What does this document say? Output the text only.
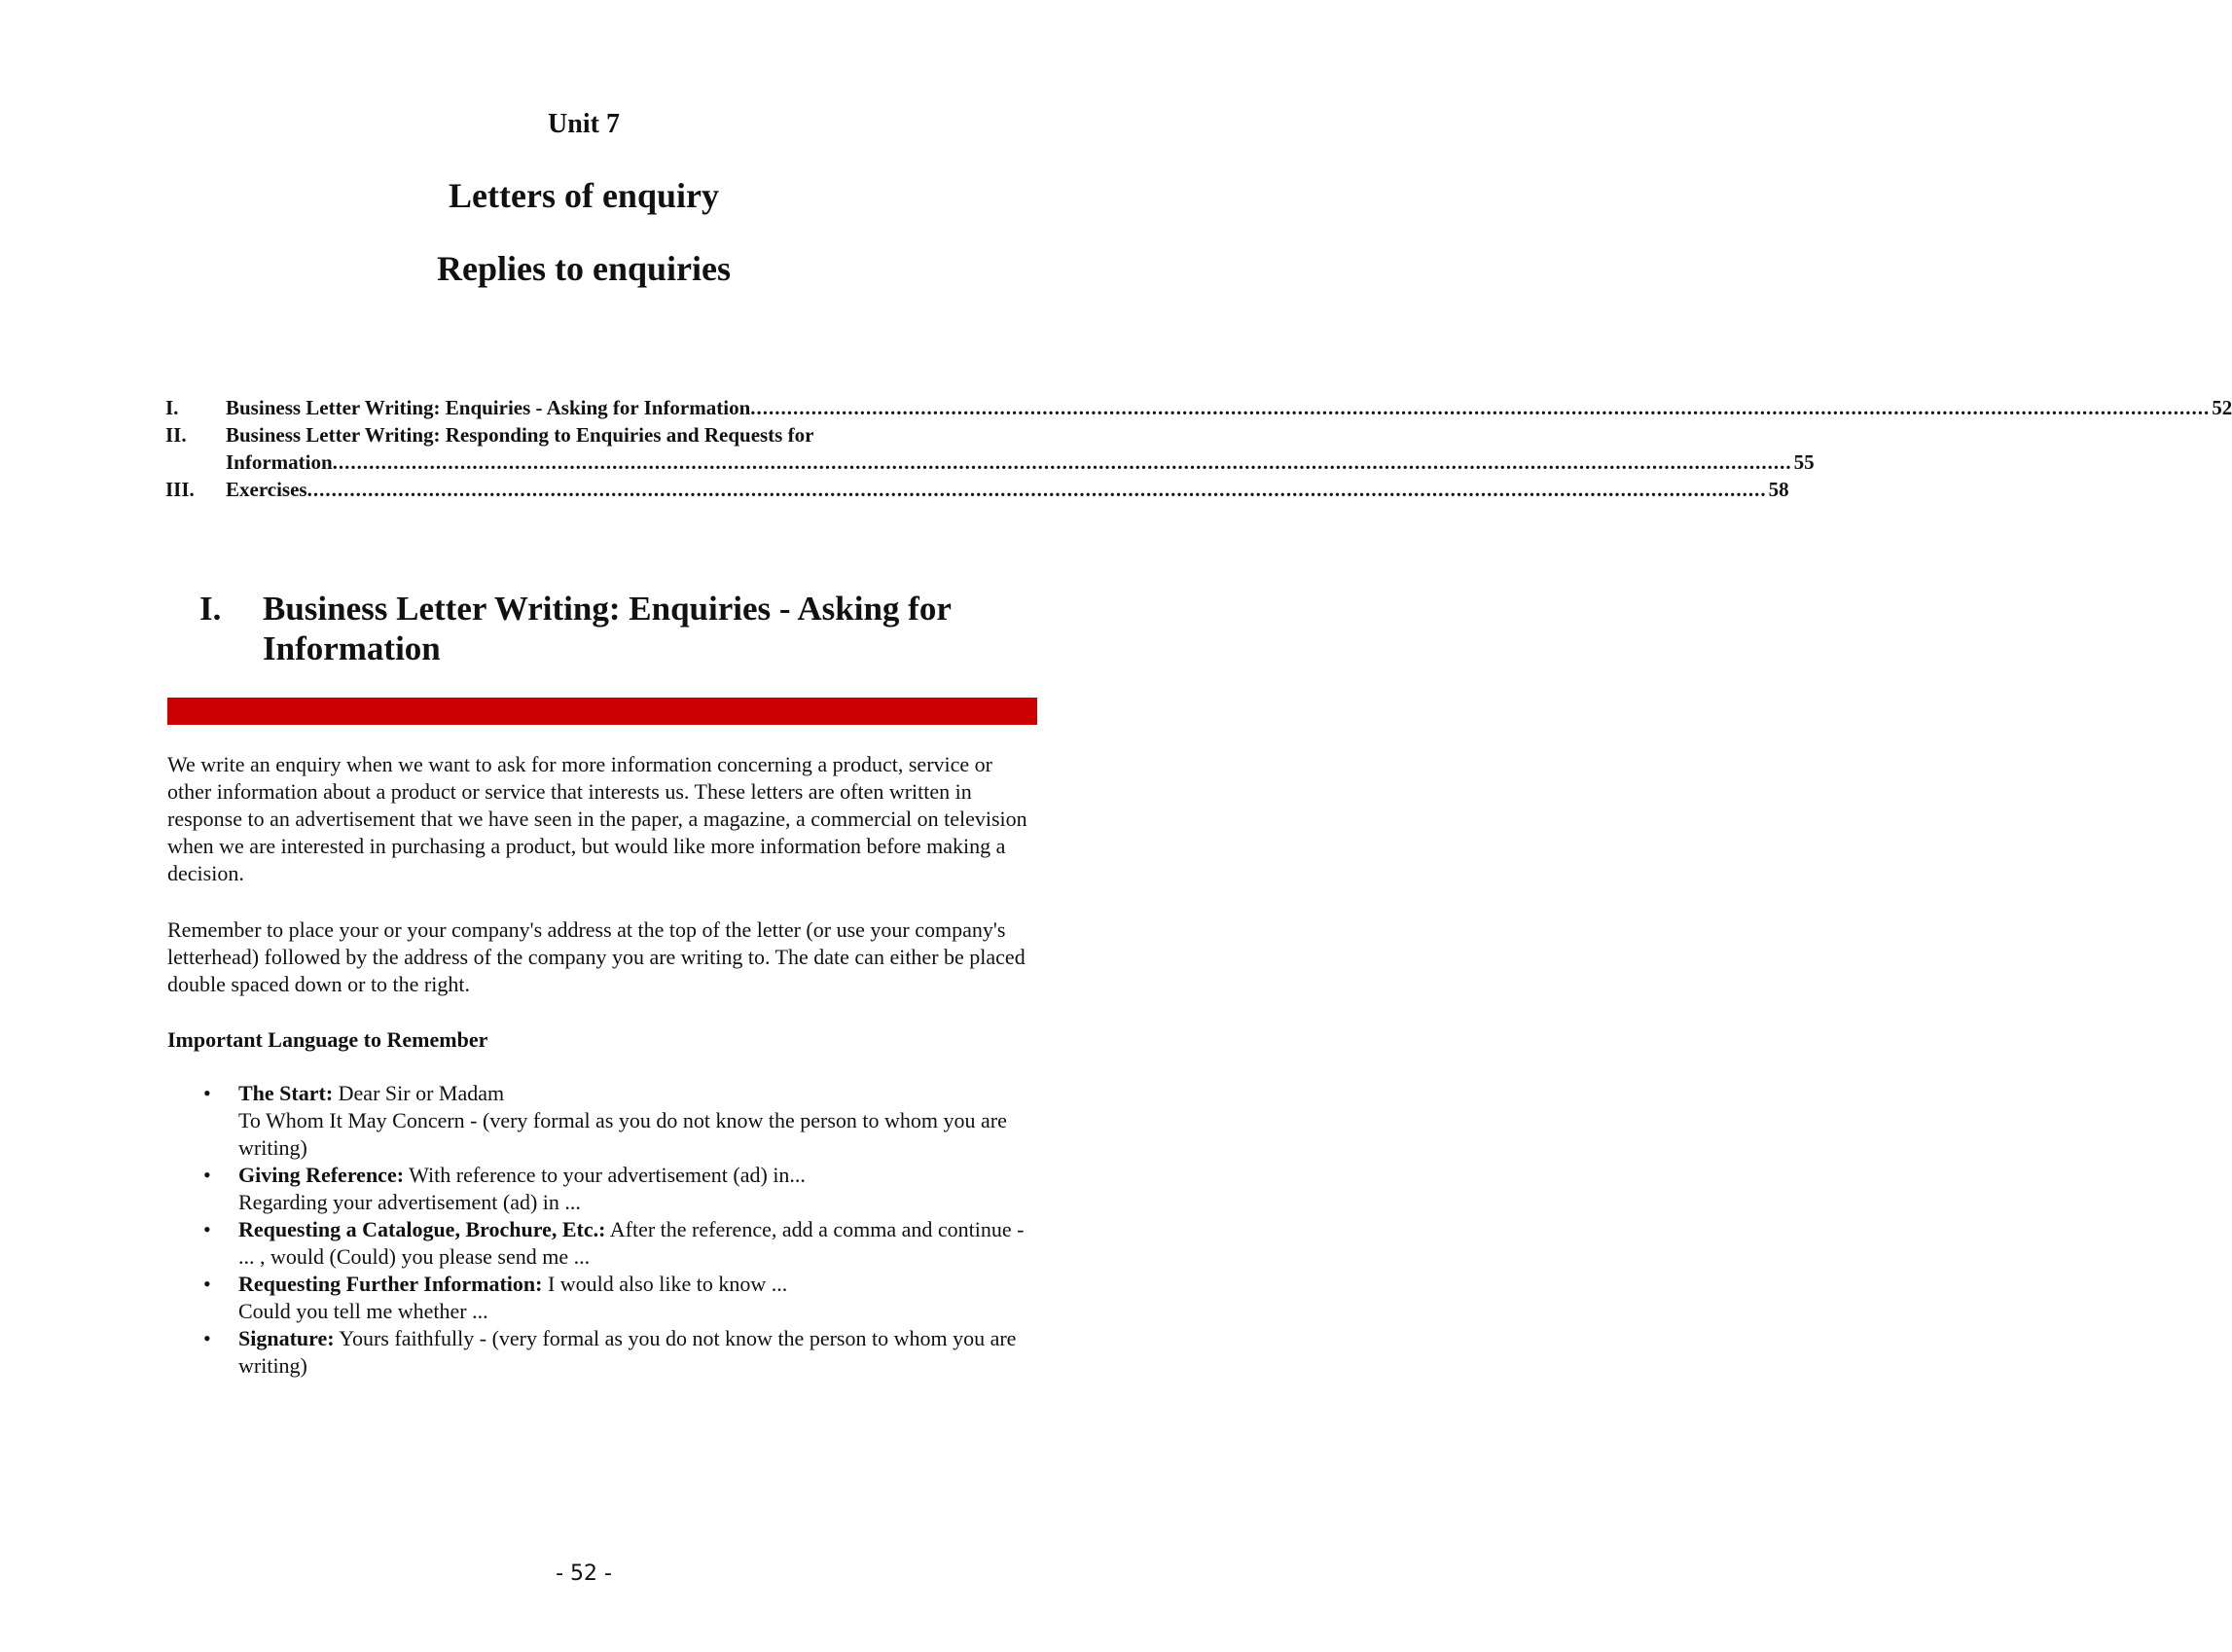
Unit 7
Letters of enquiry
Replies to enquiries
I.	Business Letter Writing: Enquiries - Asking for Information .....	52
II.	Business Letter Writing: Responding to Enquiries and Requests for
Information .....	55
III.	Exercises .....	58
I.	Business Letter Writing: Enquiries - Asking for Information

We write an enquiry when we want to ask for more information concerning a product, service or other information about a product or service that interests us. These letters are often written in response to an advertisement that we have seen in the paper, a magazine, a commercial on television when we are interested in purchasing a product, but would like more information before making a decision.

Remember to place your or your company's address at the top of the letter (or use your company's letterhead) followed by the address of the company you are writing to. The date can either be placed double spaced down or to the right.

Important Language to Remember

• The Start: Dear Sir or Madam
To Whom It May Concern - (very formal as you do not know the person to whom you are writing)
• Giving Reference: With reference to your advertisement (ad) in...
Regarding your advertisement (ad) in ...
• Requesting a Catalogue, Brochure, Etc.: After the reference, add a comma and continue - ... , would (Could) you please send me ...
• Requesting Further Information: I would also like to know ...
Could you tell me whether ...
• Signature: Yours faithfully - (very formal as you do not know the person to whom you are writing)
- 52 -
